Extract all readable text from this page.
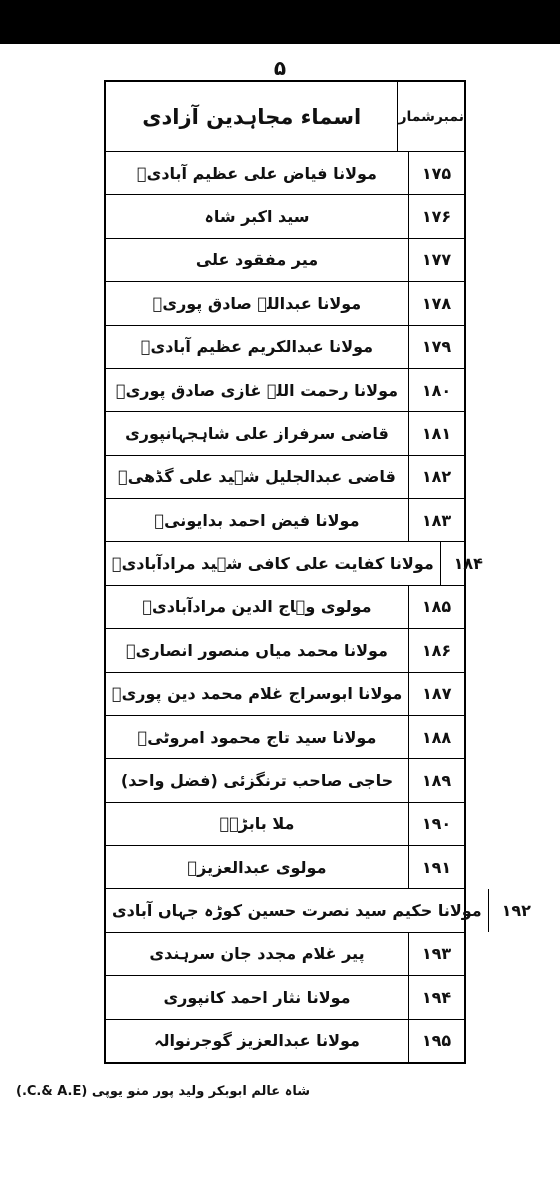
۵
اسماء مجاہدین آزادی	نمبرشمار
مولانا فیاض علی عظیم آبادیؒ	۱۷۵
سید اکبر شاہ	۱۷۶
میر مفقود علی	۱۷۷
مولانا عبداللہ صادق پوریؒ	۱۷۸
مولانا عبدالکریم عظیم آبادیؒ	۱۷۹
مولانا رحمت اللہ غازی صادق پوریؒ	۱۸۰
قاضی سرفراز علی شاہجہانپوری	۱۸۱
قاضی عبدالجلیل شہید علی گڈھیؒ	۱۸۲
مولانا فیض احمد بدایونیؒ	۱۸۳
مولانا کفایت علی کافی شہید مرادآبادیؒ	۱۸۴
مولوی وہاج الدین مرادآبادیؒ	۱۸۵
مولانا محمد میاں منصور انصاریؒ	۱۸۶
مولانا ابوسراج غلام محمد دین پوریؒ	۱۸۷
مولانا سید تاج محمود امروٹیؒ	۱۸۸
حاجی صاحب ترنگزئی (فضل واحد)	۱۸۹
ملا بابڑہؒ	۱۹۰
مولوی عبدالعزیزؒ	۱۹۱
مولانا حکیم سید نصرت حسین کوڑہ جہاں آبادی	۱۹۲
پیر غلام مجدد جان سرہندی	۱۹۳
مولانا نثار احمد کانپوری	۱۹۴
مولانا عبدالعزیز گوجرنوالہ	۱۹۵
شاہ عالم ابوبکر ولید پور منو یوپی (C.& A.E.)
